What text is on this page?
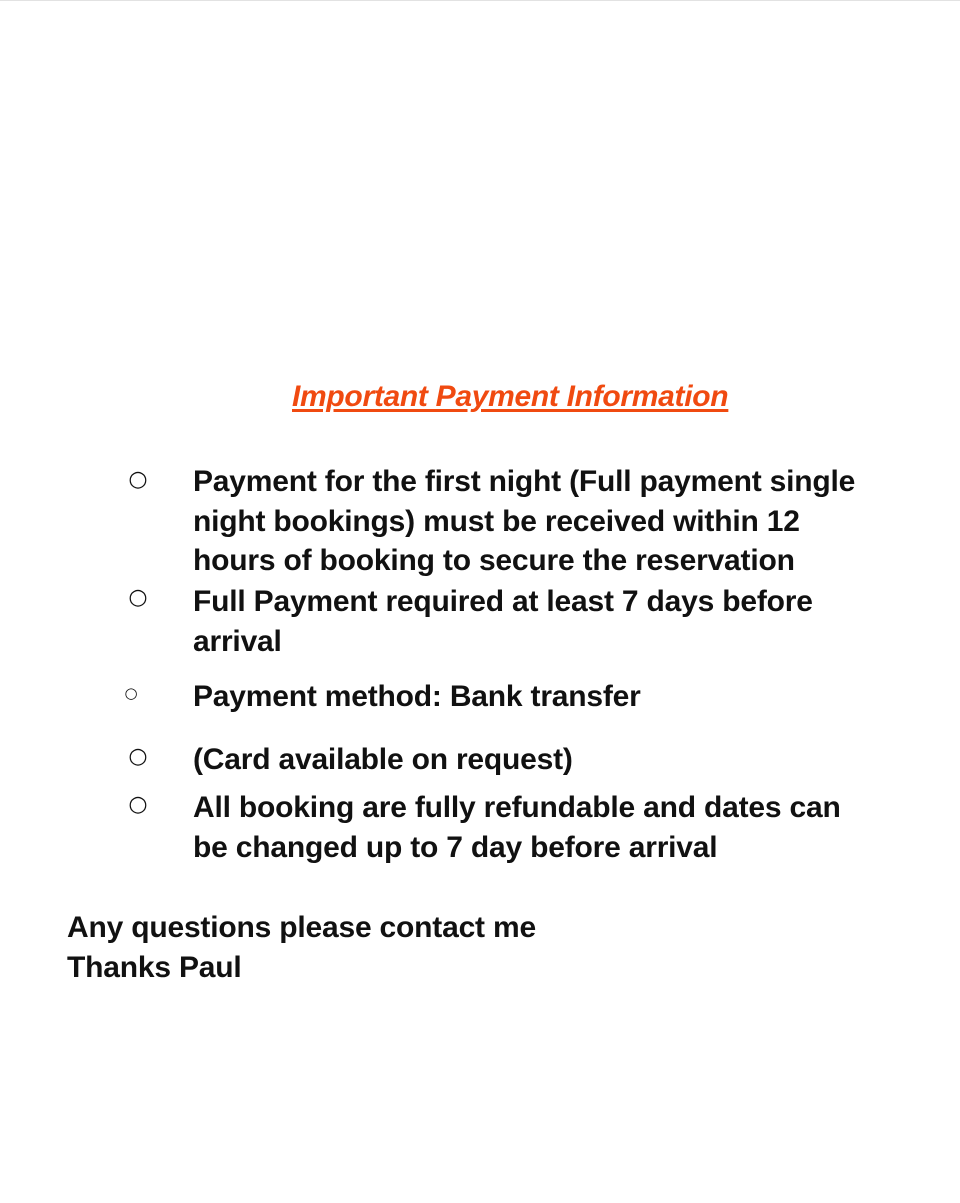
Important Payment Information
○ Payment for the first night (Full payment single
night bookings) must be received within 12
hours of booking to secure the reservation
○ Full Payment required at least 7 days before
arrival
○ Payment method: Bank transfer
○ (Card available on request)
○ All booking are fully refundable and dates can
be changed up to 7 day before arrival
Any questions please contact me
Thanks Paul
